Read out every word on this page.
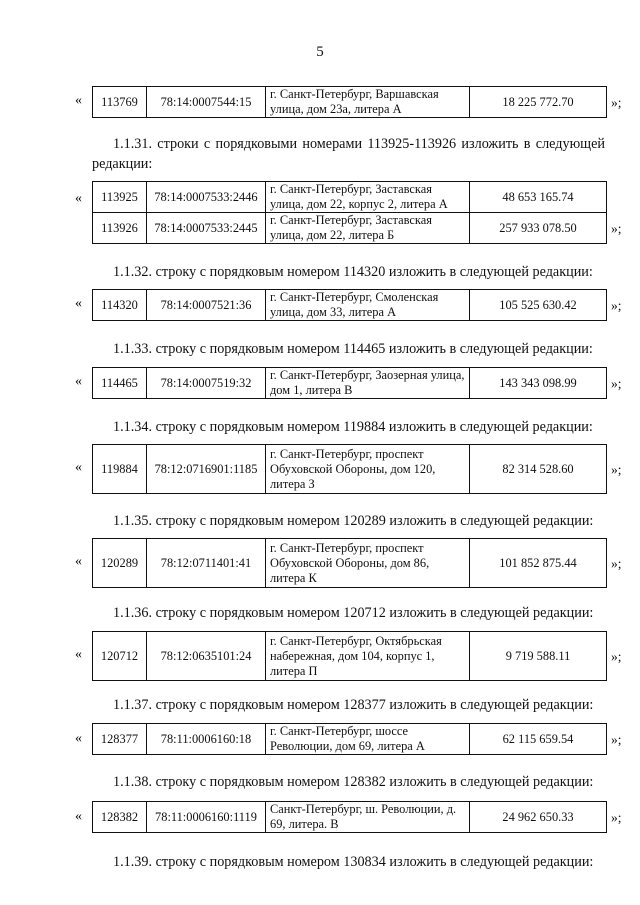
5
« 113769	78:14:0007544:15	г. Санкт-Петербург, Варшавская улица, дом 23а, литера А	18 225 772.70	»;
1.1.31. строки с порядковыми номерами 113925-113926 изложить в следующей редакции:
« 113925	78:14:0007533:2446	г. Санкт-Петербург, Заставская улица, дом 22, корпус 2, литера А	48 653 165.74	
113926	78:14:0007533:2445	г. Санкт-Петербург, Заставская улица, дом 22, литера Б	257 933 078.50	»;
1.1.32. строку с порядковым номером 114320 изложить в следующей редакции:
« 114320	78:14:0007521:36	г. Санкт-Петербург, Смоленская улица, дом 33, литера А	105 525 630.42	»;
1.1.33. строку с порядковым номером 114465 изложить в следующей редакции:
« 114465	78:14:0007519:32	г. Санкт-Петербург, Заозерная улица, дом 1, литера В	143 343 098.99	»;
1.1.34. строку с порядковым номером 119884 изложить в следующей редакции:
« 119884	78:12:0716901:1185	г. Санкт-Петербург, проспект Обуховской Обороны, дом 120, литера З	82 314 528.60	»;
1.1.35. строку с порядковым номером 120289 изложить в следующей редакции:
« 120289	78:12:0711401:41	г. Санкт-Петербург, проспект Обуховской Обороны, дом 86, литера К	101 852 875.44	»;
1.1.36. строку с порядковым номером 120712 изложить в следующей редакции:
« 120712	78:12:0635101:24	г. Санкт-Петербург, Октябрьская набережная, дом 104, корпус 1, литера П	9 719 588.11	»;
1.1.37. строку с порядковым номером 128377 изложить в следующей редакции:
« 128377	78:11:0006160:18	г. Санкт-Петербург, шоссе Революции, дом 69, литера А	62 115 659.54	»;
1.1.38. строку с порядковым номером 128382 изложить в следующей редакции:
« 128382	78:11:0006160:1119	Санкт-Петербург, ш. Революции, д. 69, литера. В	24 962 650.33	»;
1.1.39. строку с порядковым номером 130834 изложить в следующей редакции:
